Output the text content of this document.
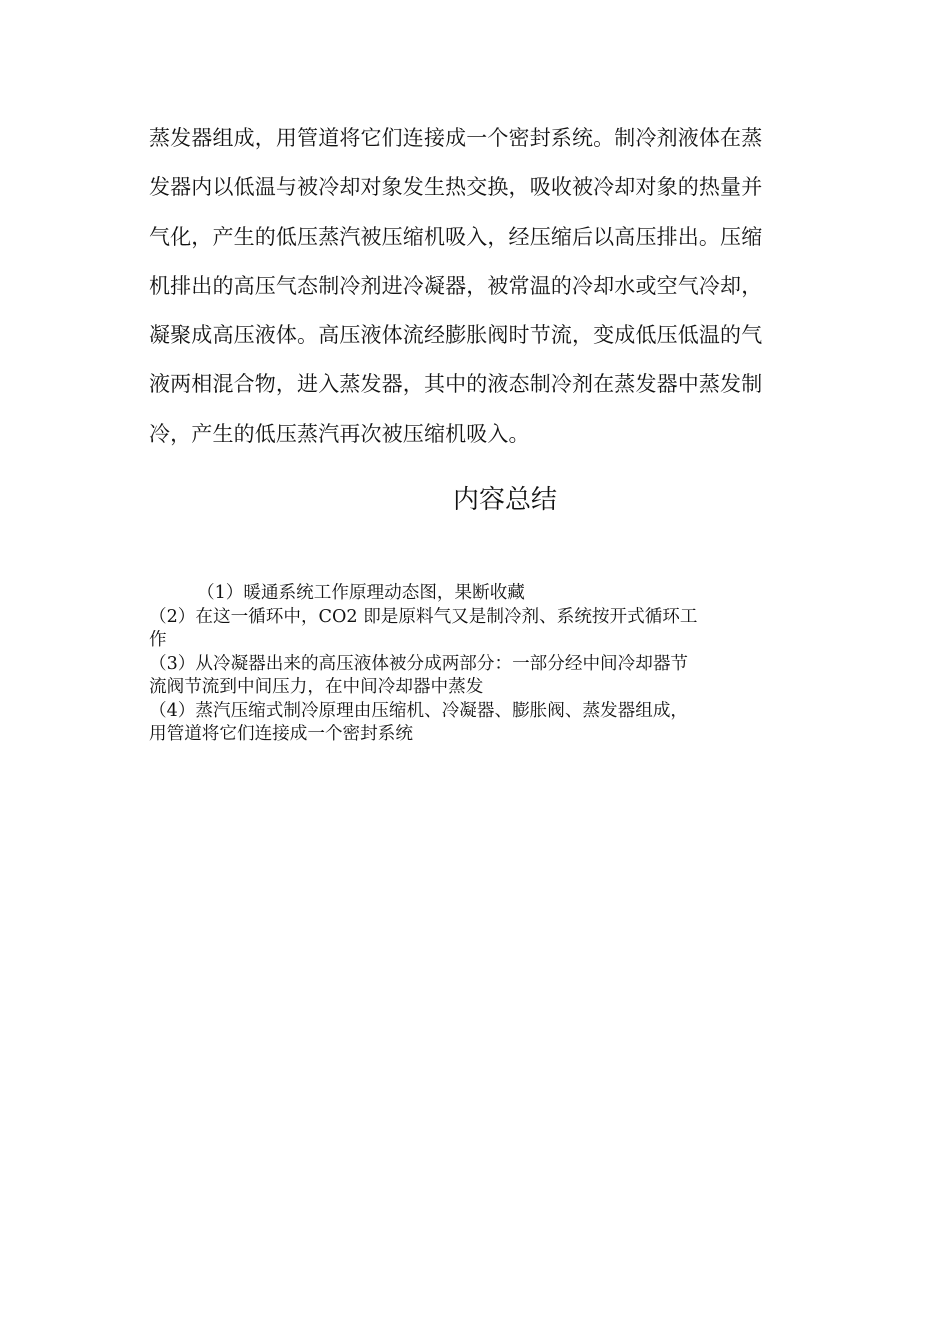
蒸发器组成，用管道将它们连接成一个密封系统。制冷剂液体在蒸
发器内以低温与被冷却对象发生热交换，吸收被冷却对象的热量并
气化，产生的低压蒸汽被压缩机吸入，经压缩后以高压排出。压缩
机排出的高压气态制冷剂进冷凝器，被常温的冷却水或空气冷却，
凝聚成高压液体。高压液体流经膨胀阀时节流，变成低压低温的气
液两相混合物，进入蒸发器，其中的液态制冷剂在蒸发器中蒸发制
冷，产生的低压蒸汽再次被压缩机吸入。
内容总结
（1）暖通系统工作原理动态图，果断收藏
（2）在这一循环中，CO2 即是原料气又是制冷剂、系统按开式循环工
作
（3）从冷凝器出来的高压液体被分成两部分：一部分经中间冷却器节
流阀节流到中间压力，在中间冷却器中蒸发
（4）蒸汽压缩式制冷原理由压缩机、冷凝器、膨胀阀、蒸发器组成，
用管道将它们连接成一个密封系统
